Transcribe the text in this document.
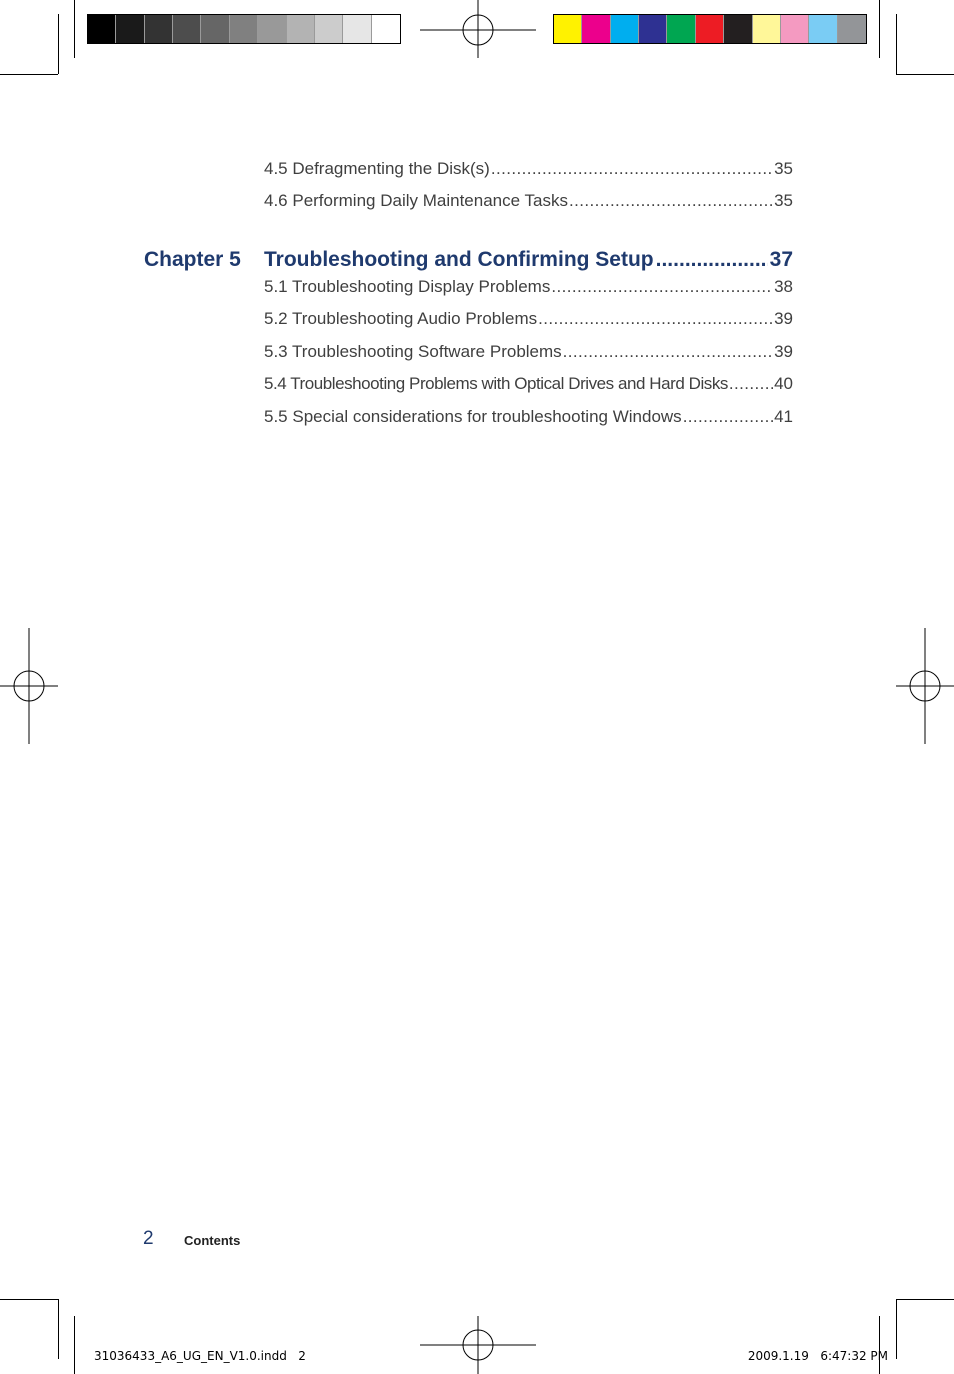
4.5 Defragmenting the Disk(s) .....	35
4.6 Performing Daily Maintenance Tasks .....	35
Chapter 5 Troubleshooting and Confirming Setup .....	37
5.1 Troubleshooting Display Problems .....	38
5.2 Troubleshooting Audio Problems .....	39
5.3 Troubleshooting Software Problems .....	39
5.4 Troubleshooting Problems with Optical Drives and Hard Disks .....	40
5.5 Special considerations for troubleshooting Windows .....	41
2 Contents
31036433_A6_UG_EN_V1.0.indd   2	2009.1.19   6:47:32 PM
